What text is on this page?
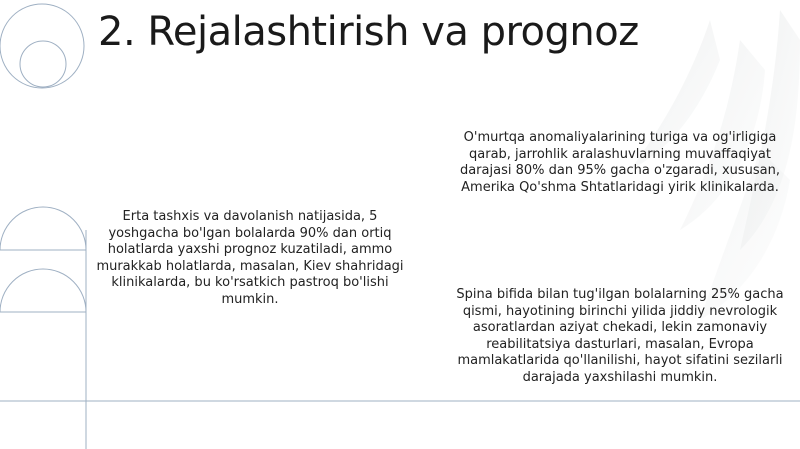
2. Rejalashtirish va prognoz

Erta tashxis va davolanish natijasida, 5 yoshgacha bo'lgan bolalarda 90% dan ortiq holatlarda yaxshi prognoz kuzatiladi, ammo murakkab holatlarda, masalan, Kiev shahridagi klinikalarda, bu ko'rsatkich pastroq bo'lishi mumkin.

O'murtqa anomaliyalarining turiga va og'irligiga qarab, jarrohlik aralashuvlarning muvaffaqiyat darajasi 80% dan 95% gacha o'zgaradi, xususan, Amerika Qo'shma Shtatlaridagi yirik klinikalarda.

Spina bifida bilan tug'ilgan bolalarning 25% gacha qismi, hayotining birinchi yilida jiddiy nevrologik asoratlardan aziyat chekadi, lekin zamonaviy reabilitatsiya dasturlari, masalan, Evropa mamlakatlarida qo'llanilishi, hayot sifatini sezilarli darajada yaxshilashi mumkin.
